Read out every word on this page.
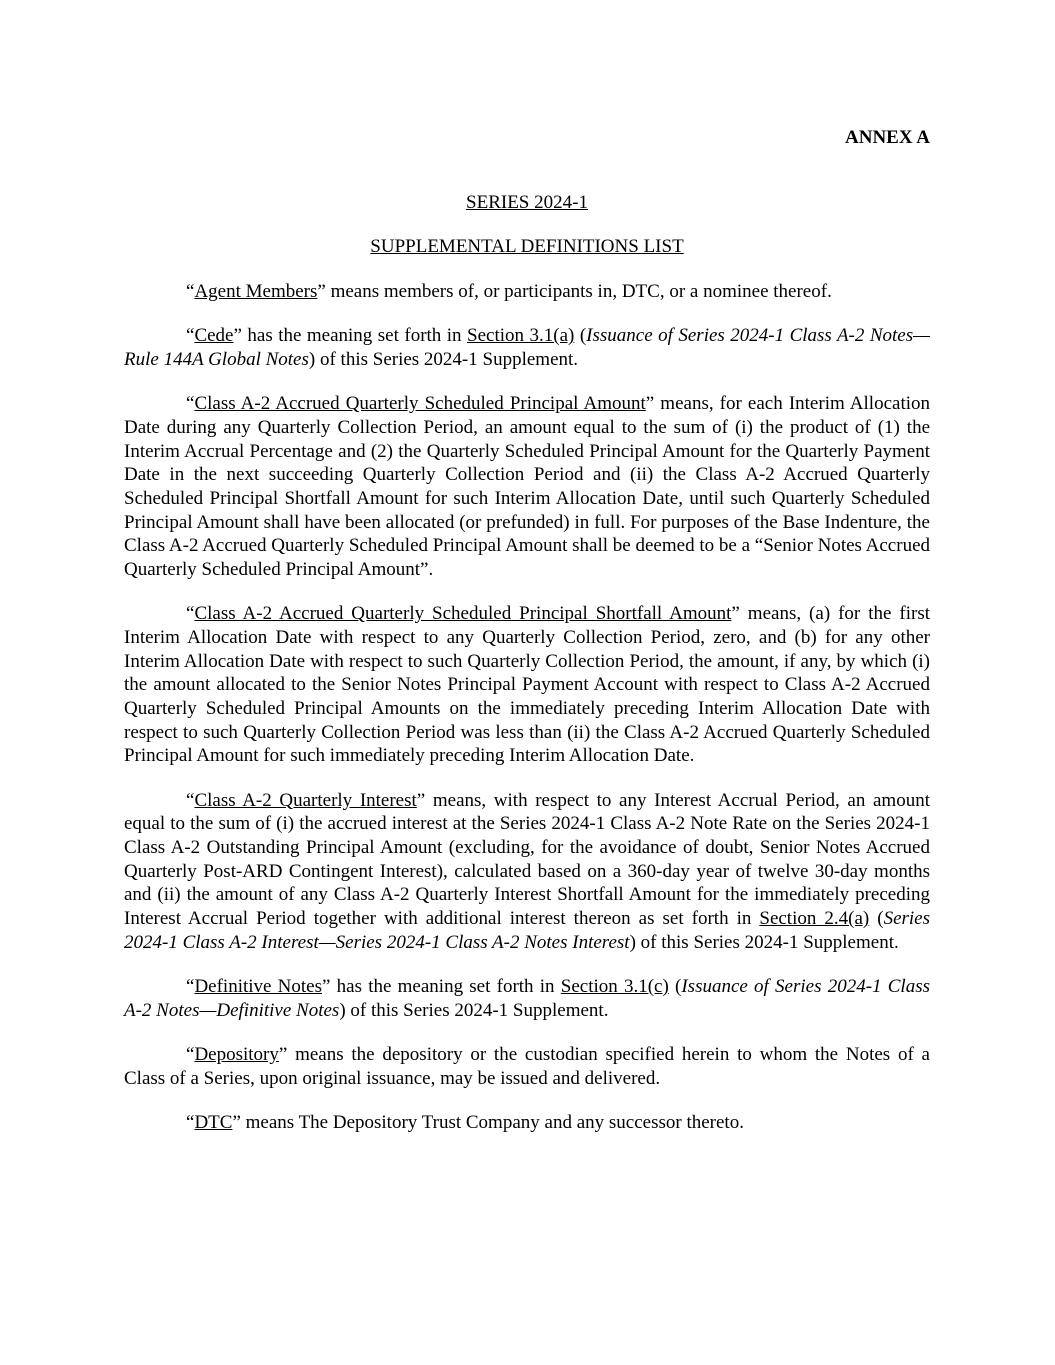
ANNEX A

SERIES 2024-1

SUPPLEMENTAL DEFINITIONS LIST

“Agent Members” means members of, or participants in, DTC, or a nominee thereof.

“Cede” has the meaning set forth in Section 3.1(a) (Issuance of Series 2024-1 Class A-2 Notes—Rule 144A Global Notes) of this Series 2024-1 Supplement.

“Class A-2 Accrued Quarterly Scheduled Principal Amount” means, for each Interim Allocation Date during any Quarterly Collection Period, an amount equal to the sum of (i) the product of (1) the Interim Accrual Percentage and (2) the Quarterly Scheduled Principal Amount for the Quarterly Payment Date in the next succeeding Quarterly Collection Period and (ii) the Class A-2 Accrued Quarterly Scheduled Principal Shortfall Amount for such Interim Allocation Date, until such Quarterly Scheduled Principal Amount shall have been allocated (or prefunded) in full. For purposes of the Base Indenture, the Class A-2 Accrued Quarterly Scheduled Principal Amount shall be deemed to be a “Senior Notes Accrued Quarterly Scheduled Principal Amount”.

“Class A-2 Accrued Quarterly Scheduled Principal Shortfall Amount” means, (a) for the first Interim Allocation Date with respect to any Quarterly Collection Period, zero, and (b) for any other Interim Allocation Date with respect to such Quarterly Collection Period, the amount, if any, by which (i) the amount allocated to the Senior Notes Principal Payment Account with respect to Class A-2 Accrued Quarterly Scheduled Principal Amounts on the immediately preceding Interim Allocation Date with respect to such Quarterly Collection Period was less than (ii) the Class A-2 Accrued Quarterly Scheduled Principal Amount for such immediately preceding Interim Allocation Date.

“Class A-2 Quarterly Interest” means, with respect to any Interest Accrual Period, an amount equal to the sum of (i) the accrued interest at the Series 2024-1 Class A-2 Note Rate on the Series 2024-1 Class A-2 Outstanding Principal Amount (excluding, for the avoidance of doubt, Senior Notes Accrued Quarterly Post-ARD Contingent Interest), calculated based on a 360-day year of twelve 30-day months and (ii) the amount of any Class A-2 Quarterly Interest Shortfall Amount for the immediately preceding Interest Accrual Period together with additional interest thereon as set forth in Section 2.4(a) (Series 2024-1 Class A-2 Interest—Series 2024-1 Class A-2 Notes Interest) of this Series 2024-1 Supplement.

“Definitive Notes” has the meaning set forth in Section 3.1(c) (Issuance of Series 2024-1 Class A-2 Notes—Definitive Notes) of this Series 2024-1 Supplement.

“Depository” means the depository or the custodian specified herein to whom the Notes of a Class of a Series, upon original issuance, may be issued and delivered.

“DTC” means The Depository Trust Company and any successor thereto.
